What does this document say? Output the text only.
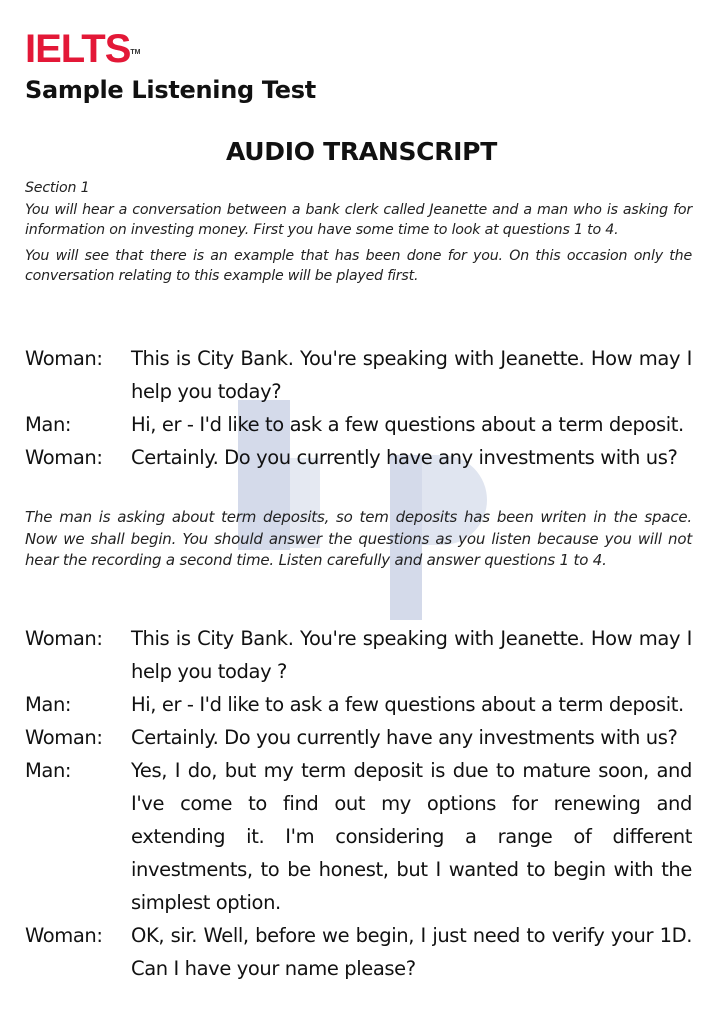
IELTS™
Sample Listening Test
AUDIO TRANSCRIPT

Section 1

You will hear a conversation between a bank clerk called Jeanette and a man who is asking for information on investing money. First you have some time to look at questions 1 to 4.

You will see that there is an example that has been done for you. On this occasion only the conversation relating to this example will be played first.

Woman:	This is City Bank. You're speaking with Jeanette. How may I help you today?
Man:	Hi, er - I'd like to ask a few questions about a term deposit.
Woman:	Certainly. Do you currently have any investments with us?
The man is asking about term deposits, so tem deposits has been writen in the space. Now we shall begin. You should answer the questions as you listen because you will not hear the recording a second time. Listen carefully and answer questions 1 to 4.
Woman:	This is City Bank. You're speaking with Jeanette. How may I help you today ?
Man:	Hi, er - I'd like to ask a few questions about a term deposit.
Woman:	Certainly. Do you currently have any investments with us?
Man:	Yes, I do, but my term deposit is due to mature soon, and I've come to find out my options for renewing and extending it. I'm considering a range of different investments, to be honest, but I wanted to begin with the simplest option.
Woman:	OK, sir. Well, before we begin, I just need to verify your 1D. Can I have your name please?
